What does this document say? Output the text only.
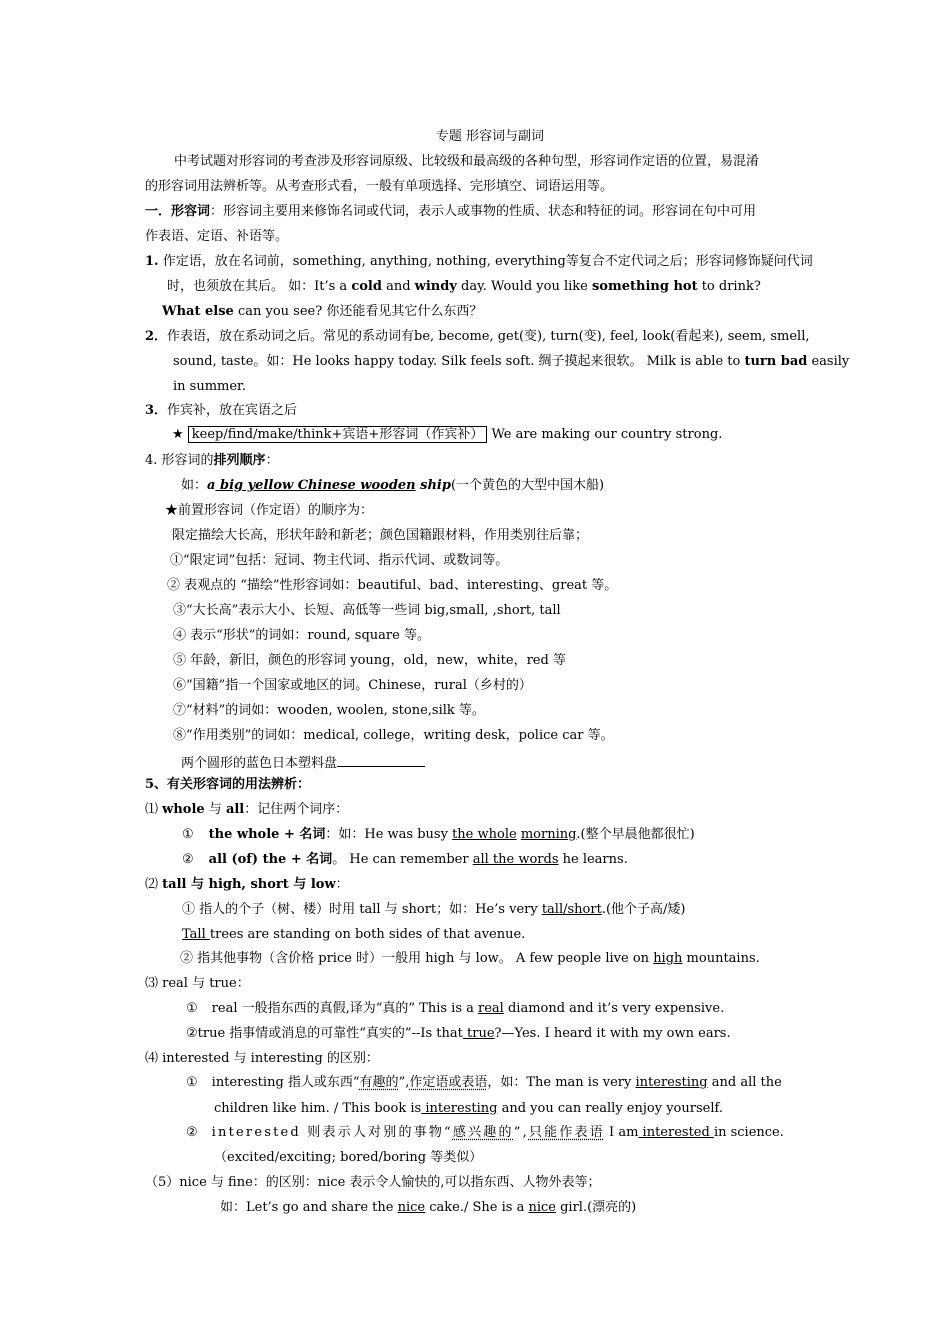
专题 形容词与副词
中考试题对形容词的考查涉及形容词原级、比较级和最高级的各种句型，形容词作定语的位置，易混淆
的形容词用法辨析等。从考查形式看，一般有单项选择、完形填空、词语运用等。
一．形容词：形容词主要用来修饰名词或代词，表示人或事物的性质、状态和特征的词。形容词在句中可用
作表语、定语、补语等。
1. 作定语，放在名词前，something, anything, nothing, everything等复合不定代词之后；形容词修饰疑问代词
时，也须放在其后。 如：It’s a cold and windy day. Would you like something hot to drink?
What else can you see? 你还能看见其它什么东西？
2．作表语，放在系动词之后。常见的系动词有be, become, get(变), turn(变), feel, look(看起来), seem, smell,
sound, taste。如：He looks happy today. Silk feels soft. 绸子摸起来很软。 Milk is able to turn bad easily
in summer.
3．作宾补，放在宾语之后
★ keep/find/make/think+宾语+形容词（作宾补） We are making our country strong.
4. 形容词的排列顺序：
如：a big yellow Chinese wooden ship(一个黄色的大型中国木船)
★前置形容词（作定语）的顺序为：
限定描绘大长高，形状年龄和新老；颜色国籍跟材料，作用类别往后靠；
①“限定词”包括：冠词、物主代词、指示代词、或数词等。
② 表观点的 “描绘”性形容词如：beautiful、bad、interesting、great 等。
③“大长高”表示大小、长短、高低等一些词 big,small, ,short, tall
④ 表示“形状”的词如：round, square 等。
⑤ 年龄，新旧，颜色的形容词 young，old，new，white，red 等
⑥“国籍”指一个国家或地区的词。Chinese，rural（乡村的）
⑦“材料”的词如：wooden, woolen, stone,silk 等。
⑧“作用类别”的词如：medical, college，writing desk，police car 等。
两个圆形的蓝色日本塑料盘
5、有关形容词的用法辨析：
⑴ whole 与 all：记住两个词序：
① the whole + 名词：如：He was busy the whole morning.(整个早晨他都很忙)
② all (of) the + 名词。 He can remember all the words he learns.
⑵ tall 与 high, short 与 low：
① 指人的个子（树、楼）时用 tall 与 short；如：He’s very tall/short.(他个子高/矮)
Tall trees are standing on both sides of that avenue.
② 指其他事物（含价格 price 时）一般用 high 与 low。 A few people live on high mountains.
⑶ real 与 true：
① real 一般指东西的真假,译为“真的” This is a real diamond and it’s very expensive.
②true 指事情或消息的可靠性“真实的”--Is that true?—Yes. I heard it with my own ears.
⑷ interested 与 interesting 的区别：
① interesting 指人或东西“有趣的”,作定语或表语，如：The man is very interesting and all the
children like him. / This book is interesting and you can really enjoy yourself.
② interested 则表示人对别的事物“感兴趣的”,只能作表语 I am interested in science.
（excited/exciting; bored/boring 等类似）
（5）nice 与 fine：的区别：nice 表示令人愉快的,可以指东西、人物外表等；
如：Let’s go and share the nice cake./ She is a nice girl.(漂亮的)
